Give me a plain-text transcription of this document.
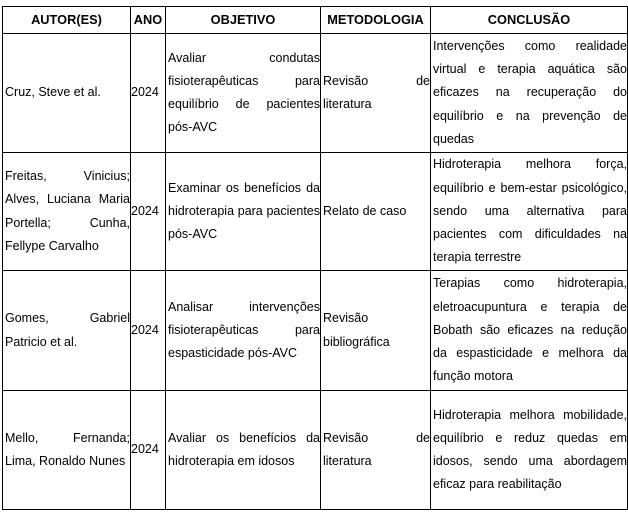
AUTOR(ES)	ANO	OBJETIVO	METODOLOGIA	CONCLUSÃO
Cruz, Steve et al.	2024	Avaliar condutas fisioterapêuticas para equilíbrio de pacientes pós-AVC	Revisão de literatura	Intervenções como realidade virtual e terapia aquática são eficazes na recuperação do equilíbrio e na prevenção de quedas
Freitas, Vinicius; Alves, Luciana Maria Portella; Cunha, Fellype Carvalho	2024	Examinar os benefícios da hidroterapia para pacientes pós-AVC	Relato de caso	Hidroterapia melhora força, equilíbrio e bem-estar psicológico, sendo uma alternativa para pacientes com dificuldades na terapia terrestre
Gomes, Gabriel Patricio et al.	2024	Analisar intervenções fisioterapêuticas para espasticidade pós-AVC	Revisão bibliográfica	Terapias como hidroterapia, eletroacupuntura e terapia de Bobath são eficazes na redução da espasticidade e melhora da função motora
Mello, Fernanda; Lima, Ronaldo Nunes	2024	Avaliar os benefícios da hidroterapia em idosos	Revisão de literatura	Hidroterapia melhora mobilidade, equilíbrio e reduz quedas em idosos, sendo uma abordagem eficaz para reabilitação
